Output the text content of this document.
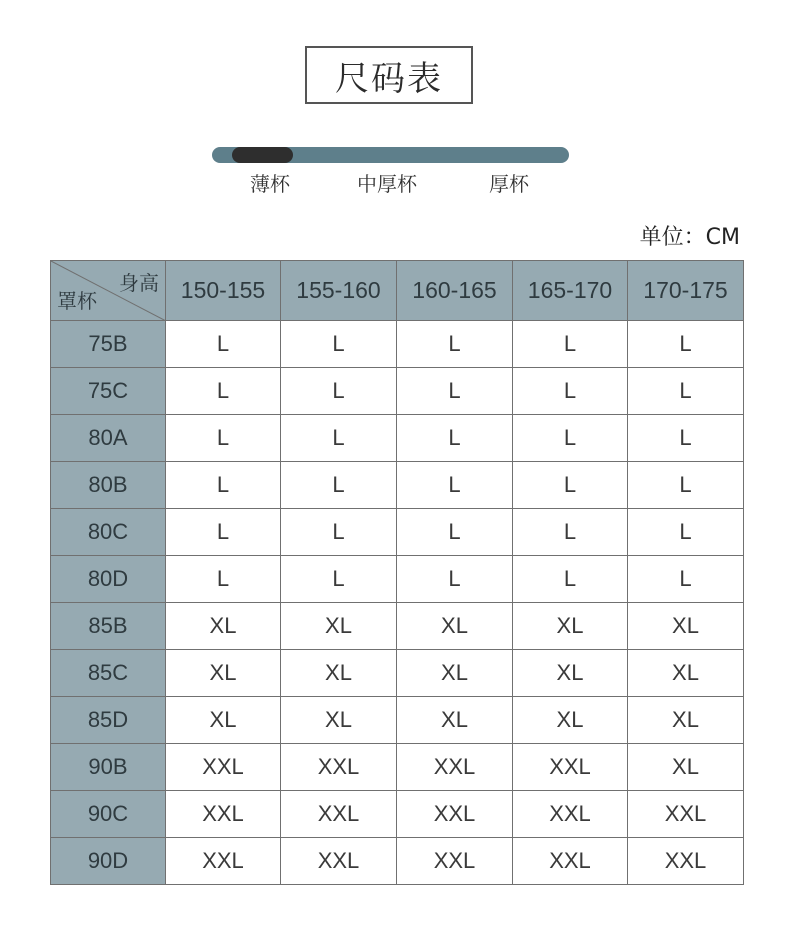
尺码表
薄杯	中厚杯	厚杯
单位：CM
身高
罩杯	150-155	155-160	160-165	165-170	170-175
75B	L	L	L	L	L
75C	L	L	L	L	L
80A	L	L	L	L	L
80B	L	L	L	L	L
80C	L	L	L	L	L
80D	L	L	L	L	L
85B	XL	XL	XL	XL	XL
85C	XL	XL	XL	XL	XL
85D	XL	XL	XL	XL	XL
90B	XXL	XXL	XXL	XXL	XL
90C	XXL	XXL	XXL	XXL	XXL
90D	XXL	XXL	XXL	XXL	XXL
